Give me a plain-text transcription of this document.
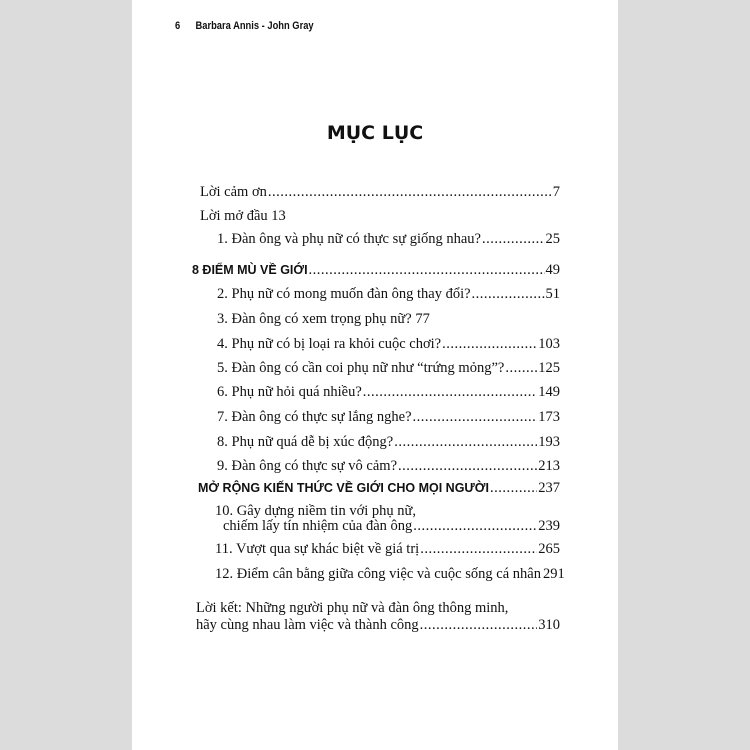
6 Barbara Annis - John Gray
MỤC LỤC
Lời cảm ơn .....	7
Lời mở đầu 13
1. Đàn ông và phụ nữ có thực sự giống nhau? .....	25
8 ĐIỂM MÙ VỀ GIỚI .....	49
2. Phụ nữ có mong muốn đàn ông thay đổi? .....	51
3. Đàn ông có xem trọng phụ nữ? 77
4. Phụ nữ có bị loại ra khỏi cuộc chơi? .....	103
5. Đàn ông có cần coi phụ nữ như “trứng mỏng”? ..... 125
6. Phụ nữ hỏi quá nhiều? .....	149
7. Đàn ông có thực sự lắng nghe? .....	173
8. Phụ nữ quá dễ bị xúc động? .....	193
9. Đàn ông có thực sự vô cảm? .....	213
MỞ RỘNG KIẾN THỨC VỀ GIỚI CHO MỌI NGƯỜI .....	237
10. Gây dựng niềm tin với phụ nữ,
chiếm lấy tín nhiệm của đàn ông .....	239
11. Vượt qua sự khác biệt về giá trị .....	265
12. Điểm cân bằng giữa công việc và cuộc sống cá nhân 291
Lời kết: Những người phụ nữ và đàn ông thông minh,
hãy cùng nhau làm việc và thành công .....	310
